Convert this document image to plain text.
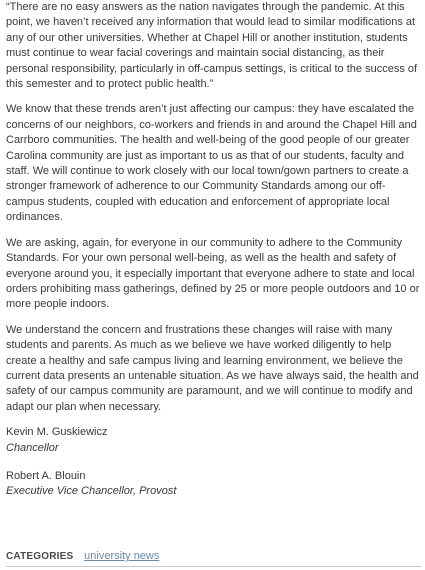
“There are no easy answers as the nation navigates through the pandemic. At this point, we haven’t received any information that would lead to similar modifications at any of our other universities. Whether at Chapel Hill or another institution, students must continue to wear facial coverings and maintain social distancing, as their personal responsibility, particularly in off-campus settings, is critical to the success of this semester and to protect public health.”

We know that these trends aren’t just affecting our campus: they have escalated the concerns of our neighbors, co-workers and friends in and around the Chapel Hill and Carrboro communities. The health and well-being of the good people of our greater Carolina community are just as important to us as that of our students, faculty and staff. We will continue to work closely with our local town/gown partners to create a stronger framework of adherence to our Community Standards among our off-campus students, coupled with education and enforcement of appropriate local ordinances.

We are asking, again, for everyone in our community to adhere to the Community Standards. For your own personal well-being, as well as the health and safety of everyone around you, it especially important that everyone adhere to state and local orders prohibiting mass gatherings, defined by 25 or more people outdoors and 10 or more people indoors.

We understand the concern and frustrations these changes will raise with many students and parents. As much as we believe we have worked diligently to help create a healthy and safe campus living and learning environment, we believe the current data presents an untenable situation. As we have always said, the health and safety of our campus community are paramount, and we will continue to modify and adapt our plan when necessary.

Kevin M. Guskiewicz
Chancellor
Robert A. Blouin
Executive Vice Chancellor, Provost
CATEGORIES university news
